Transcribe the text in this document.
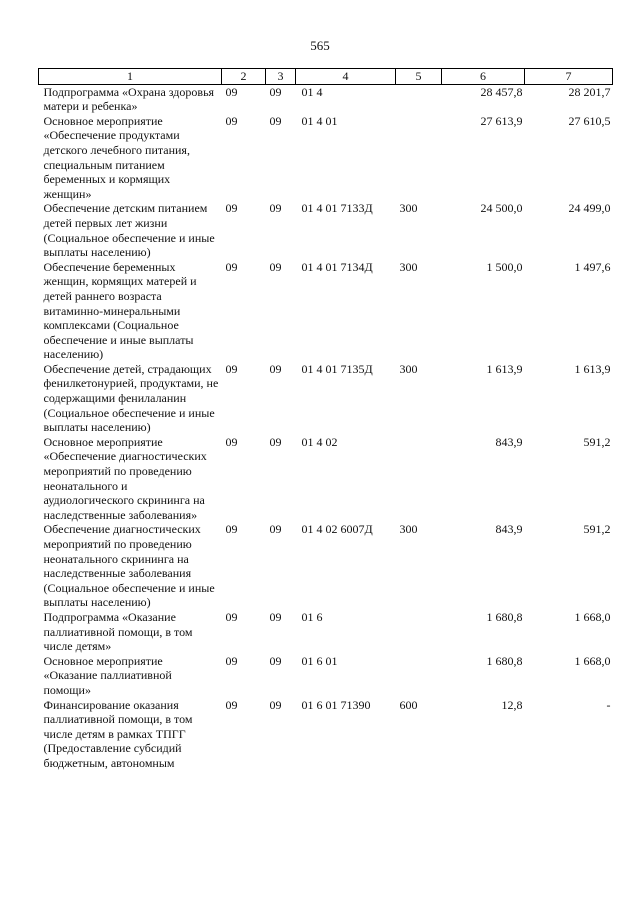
565
1	2	3	4	5	6	7
Подпрограмма «Охрана здоровья матери и ребенка»	09	09	01 4		28 457,8	28 201,7
Основное мероприятие «Обеспечение продуктами детского лечебного питания, специальным питанием беременных и кормящих женщин»	09	09	01 4 01		27 613,9	27 610,5
Обеспечение детским питанием детей первых лет жизни (Социальное обеспечение и иные выплаты населению)	09	09	01 4 01 7133Д	300	24 500,0	24 499,0
Обеспечение беременных женщин, кормящих матерей и детей раннего возраста витаминно-минеральными комплексами (Социальное обеспечение и иные выплаты населению)	09	09	01 4 01 7134Д	300	1 500,0	1 497,6
Обеспечение детей, страдающих фенилкетонурией, продуктами, не содержащими фенилаланин (Социальное обеспечение и иные выплаты населению)	09	09	01 4 01 7135Д	300	1 613,9	1 613,9
Основное мероприятие «Обеспечение диагностических мероприятий по проведению неонатального и аудиологического скрининга на наследственные заболевания»	09	09	01 4 02		843,9	591,2
Обеспечение диагностических мероприятий по проведению неонатального скрининга на наследственные заболевания (Социальное обеспечение и иные выплаты населению)	09	09	01 4 02 6007Д	300	843,9	591,2
Подпрограмма «Оказание паллиативной помощи, в том числе детям»	09	09	01 6		1 680,8	1 668,0
Основное мероприятие «Оказание паллиативной помощи»	09	09	01 6 01		1 680,8	1 668,0
Финансирование оказания паллиативной помощи, в том числе детям в рамках ТПГГ (Предоставление субсидий бюджетным, автономным	09	09	01 6 01 71390	600	12,8	-
